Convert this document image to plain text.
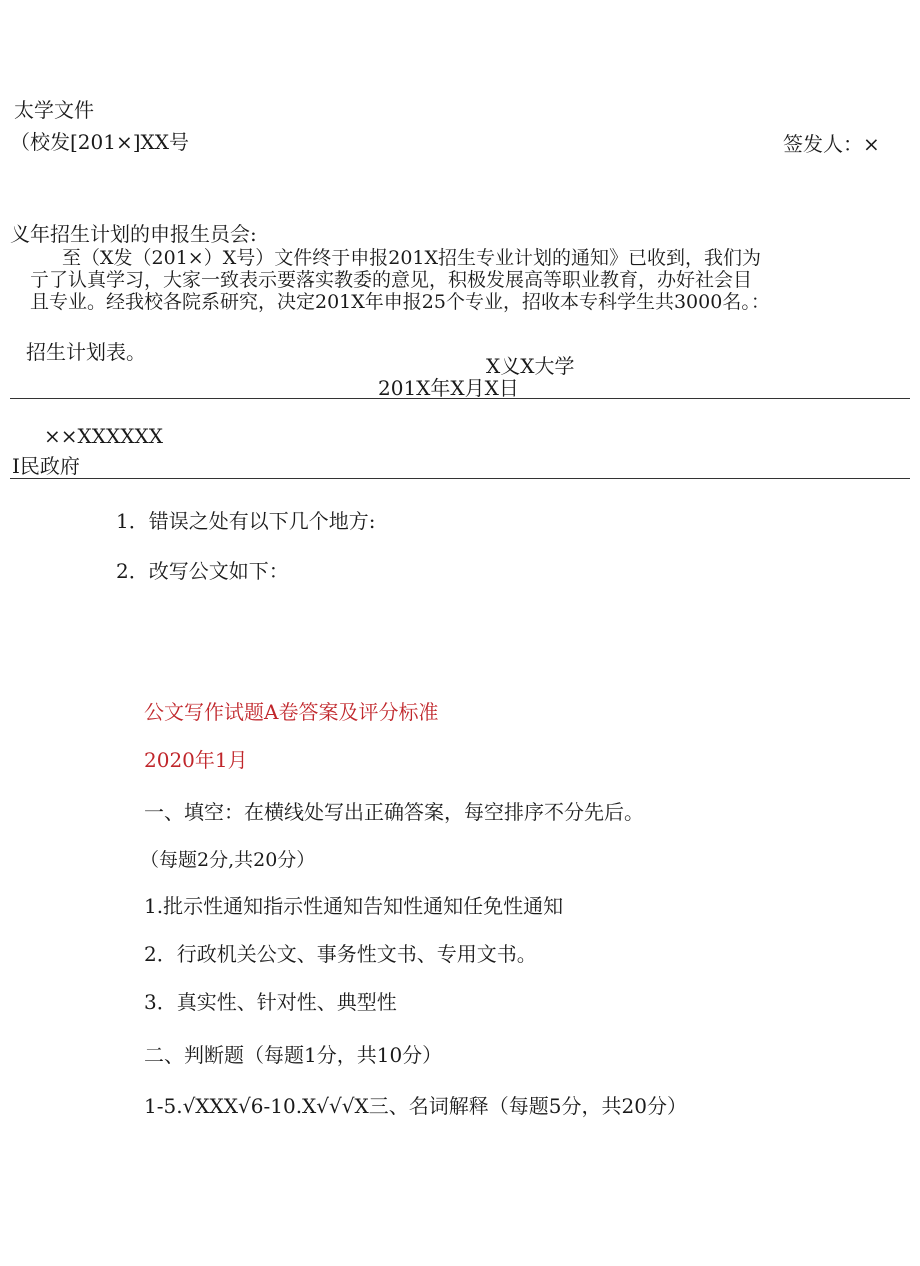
太学文件
（校发[201×]XX号	签发人：×
义年招生计划的申报生员会:
至（X发（201×）X号）文件终于申报201X招生专业计划的通知》已收到，我们为
亍了认真学习，大家一致表示要落实教委的意见，积极发展高等职业教育，办好社会目
且专业。经我校各院系研究，决定201X年申报25个专业，招收本专科学生共3000名。：
招生计划表。
X义X大学
201X年X月X日
××XXXXXX
I民政府
1．错误之处有以下几个地方:
2．改写公文如下：
公文写作试题A卷答案及评分标准
2020年1月
一、填空：在横线处写出正确答案，每空排序不分先后。
（每题2分,共20分）
1.批示性通知指示性通知告知性通知任免性通知
2．行政机关公文、事务性文书、专用文书。
3．真实性、针对性、典型性
二、判断题（每题1分，共10分）
1-5.√XXX√6-10.X√√√X三、名词解释（每题5分，共20分）
